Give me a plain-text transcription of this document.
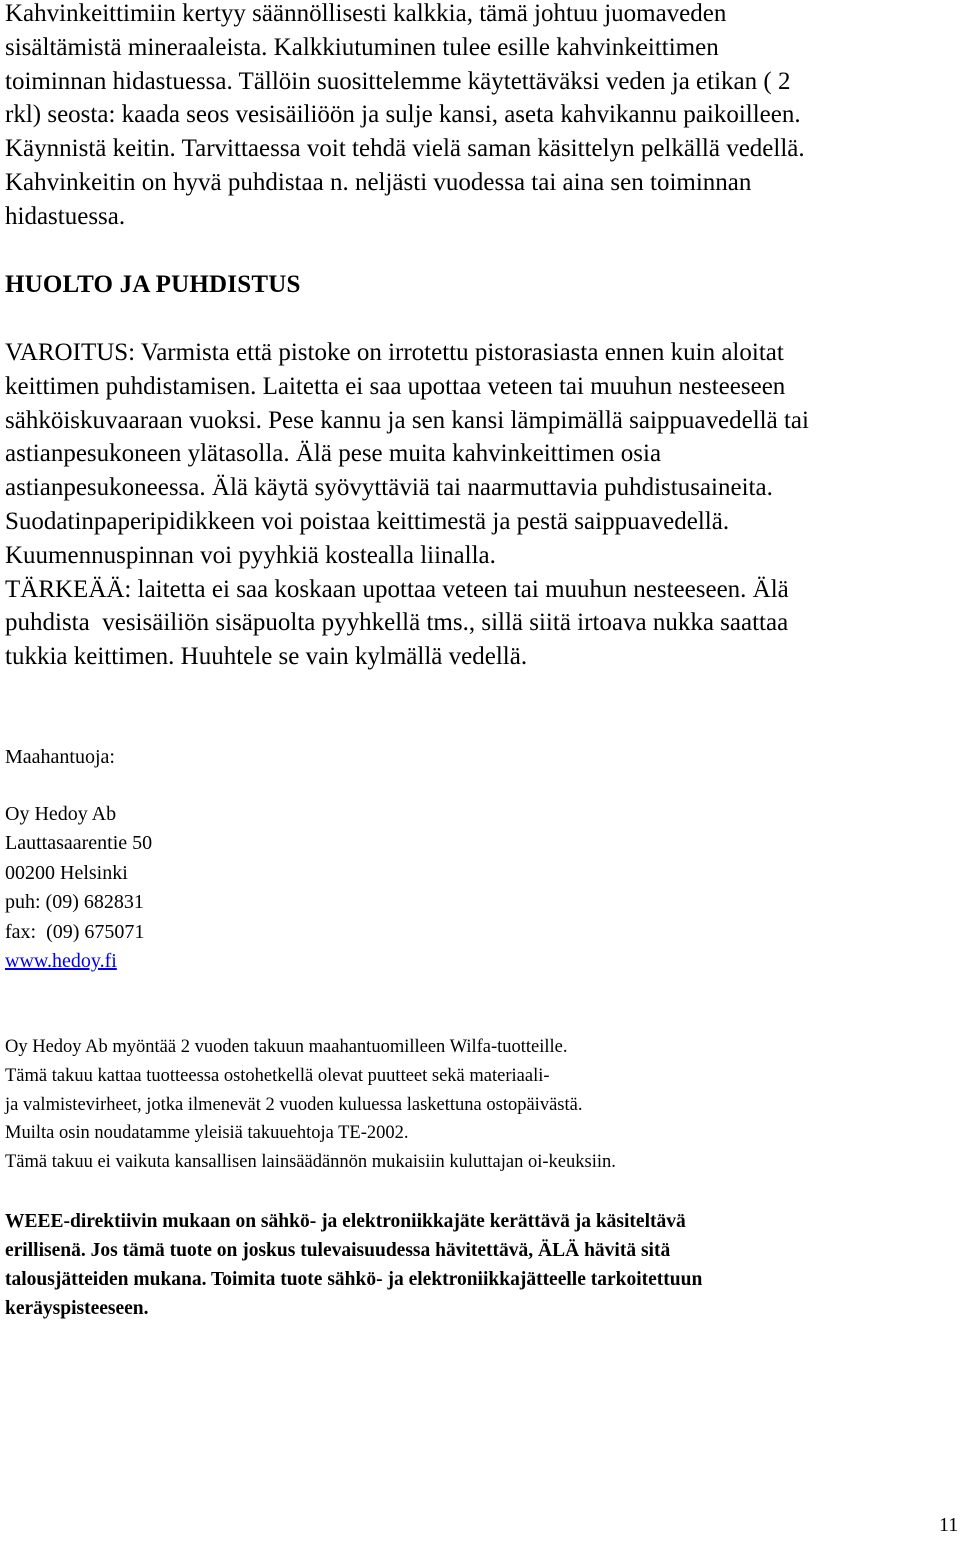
Kahvinkeittimiin kertyy säännöllisesti kalkkia, tämä johtuu juomaveden
sisältämistä mineraaleista. Kalkkiutuminen tulee esille kahvinkeittimen
toiminnan hidastuessa. Tällöin suosittelemme käytettäväksi veden ja etikan ( 2
rkl) seosta: kaada seos vesisäiliöön ja sulje kansi, aseta kahvikannu paikoilleen.
Käynnistä keitin. Tarvittaessa voit tehdä vielä saman käsittelyn pelkällä vedellä.
Kahvinkeitin on hyvä puhdistaa n. neljästi vuodessa tai aina sen toiminnan
hidastuessa.
HUOLTO JA PUHDISTUS
VAROITUS: Varmista että pistoke on irrotettu pistorasiasta ennen kuin aloitat
keittimen puhdistamisen. Laitetta ei saa upottaa veteen tai muuhun nesteeseen
sähköiskuvaaraan vuoksi. Pese kannu ja sen kansi lämpimällä saippuavedellä tai
astianpesukoneen ylätasolla. Älä pese muita kahvinkeittimen osia
astianpesukoneessa. Älä käytä syövyttäviä tai naarmuttavia puhdistusaineita.
Suodatinpaperipidikkeen voi poistaa keittimestä ja pestä saippuavedellä.
Kuumennuspinnan voi pyyhkiä kostealla liinalla.
TÄRKEÄÄ: laitetta ei saa koskaan upottaa veteen tai muuhun nesteeseen. Älä
puhdista  vesisäiliön sisäpuolta pyyhkellä tms., sillä siitä irtoava nukka saattaa
tukkia keittimen. Huuhtele se vain kylmällä vedellä.
Maahantuoja:
Oy Hedoy Ab
Lauttasaarentie 50
00200 Helsinki
puh: (09) 682831
fax:  (09) 675071
www.hedoy.fi
Oy Hedoy Ab myöntää 2 vuoden takuun maahantuomilleen Wilfa-tuotteille.
Tämä takuu kattaa tuotteessa ostohetkellä olevat puutteet sekä materiaali-
ja valmistevirheet, jotka ilmenevät 2 vuoden kuluessa laskettuna ostopäivästä.
Muilta osin noudatamme yleisiä takuuehtoja TE-2002.
Tämä takuu ei vaikuta kansallisen lainsäädännön mukaisiin kuluttajan oi-keuksiin.
WEEE-direktiivin mukaan on sähkö- ja elektroniikkajäte kerättävä ja käsiteltävä
erillisenä. Jos tämä tuote on joskus tulevaisuudessa hävitettävä, ÄLÄ hävitä sitä
talousjätteiden mukana. Toimita tuote sähkö- ja elektroniikkajätteelle tarkoitettuun
keräyspisteeseen.
11
